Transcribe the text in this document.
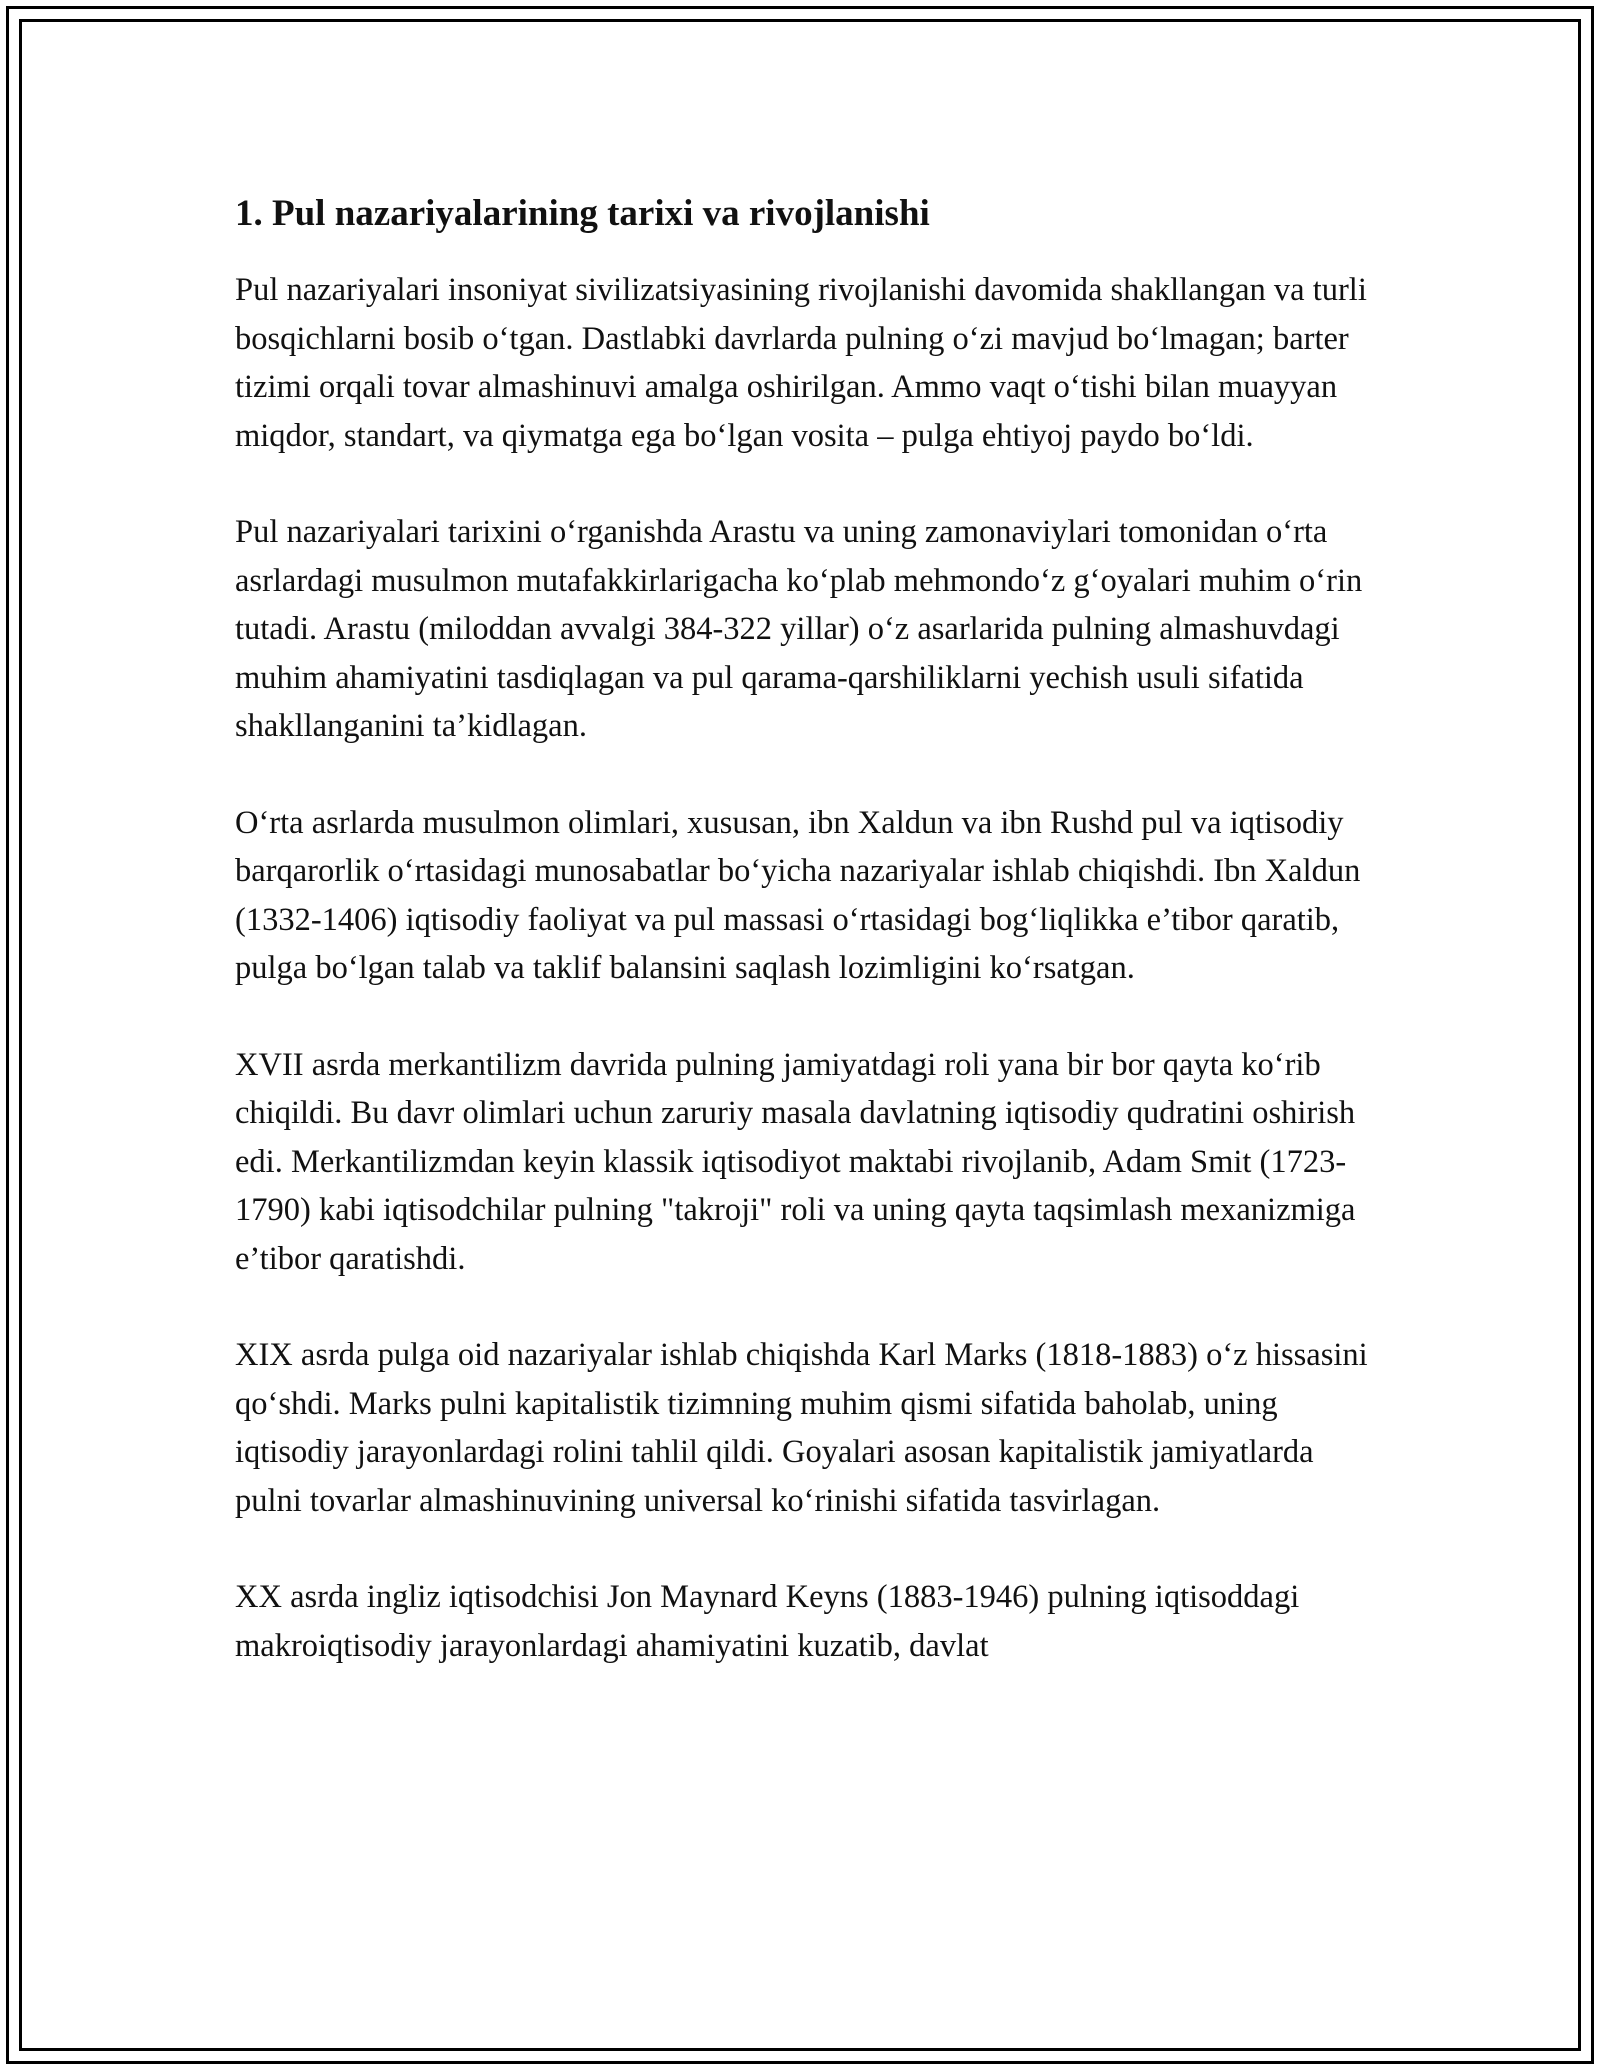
1. Pul nazariyalarining tarixi va rivojlanishi

Pul nazariyalari insoniyat sivilizatsiyasining rivojlanishi davomida shakllangan va turli bosqichlarni bosib oʻtgan. Dastlabki davrlarda pulning oʻzi mavjud boʻlmagan; barter tizimi orqali tovar almashinuvi amalga oshirilgan. Ammo vaqt oʻtishi bilan muayyan miqdor, standart, va qiymatga ega boʻlgan vosita – pulga ehtiyoj paydo boʻldi.

Pul nazariyalari tarixini oʻrganishda Arastu va uning zamonaviylari tomonidan oʻrta asrlardagi musulmon mutafakkirlarigacha koʻplab mehmondoʻz gʻoyalari muhim oʻrin tutadi. Arastu (miloddan avvalgi 384-322 yillar) oʻz asarlarida pulning almashuvdagi muhim ahamiyatini tasdiqlagan va pul qarama-qarshiliklarni yechish usuli sifatida shakllanganini ta’kidlagan.

Oʻrta asrlarda musulmon olimlari, xususan, ibn Xaldun va ibn Rushd pul va iqtisodiy barqarorlik oʻrtasidagi munosabatlar boʻyicha nazariyalar ishlab chiqishdi. Ibn Xaldun (1332-1406) iqtisodiy faoliyat va pul massasi oʻrtasidagi bogʻliqlikka e’tibor qaratib, pulga boʻlgan talab va taklif balansini saqlash lozimligini koʻrsatgan.

XVII asrda merkantilizm davrida pulning jamiyatdagi roli yana bir bor qayta koʻrib chiqildi. Bu davr olimlari uchun zaruriy masala davlatning iqtisodiy qudratini oshirish edi. Merkantilizmdan keyin klassik iqtisodiyot maktabi rivojlanib, Adam Smit (1723-1790) kabi iqtisodchilar pulning "takroji" roli va uning qayta taqsimlash mexanizmiga e’tibor qaratishdi.

XIX asrda pulga oid nazariyalar ishlab chiqishda Karl Marks (1818-1883) oʻz hissasini qoʻshdi. Marks pulni kapitalistik tizimning muhim qismi sifatida baholab, uning iqtisodiy jarayonlardagi rolini tahlil qildi. Goyalari asosan kapitalistik jamiyatlarda pulni tovarlar almashinuvining universal koʻrinishi sifatida tasvirlagan.

XX asrda ingliz iqtisodchisi Jon Maynard Keyns (1883-1946) pulning iqtisoddagi makroiqtisodiy jarayonlardagi ahamiyatini kuzatib, davlat
